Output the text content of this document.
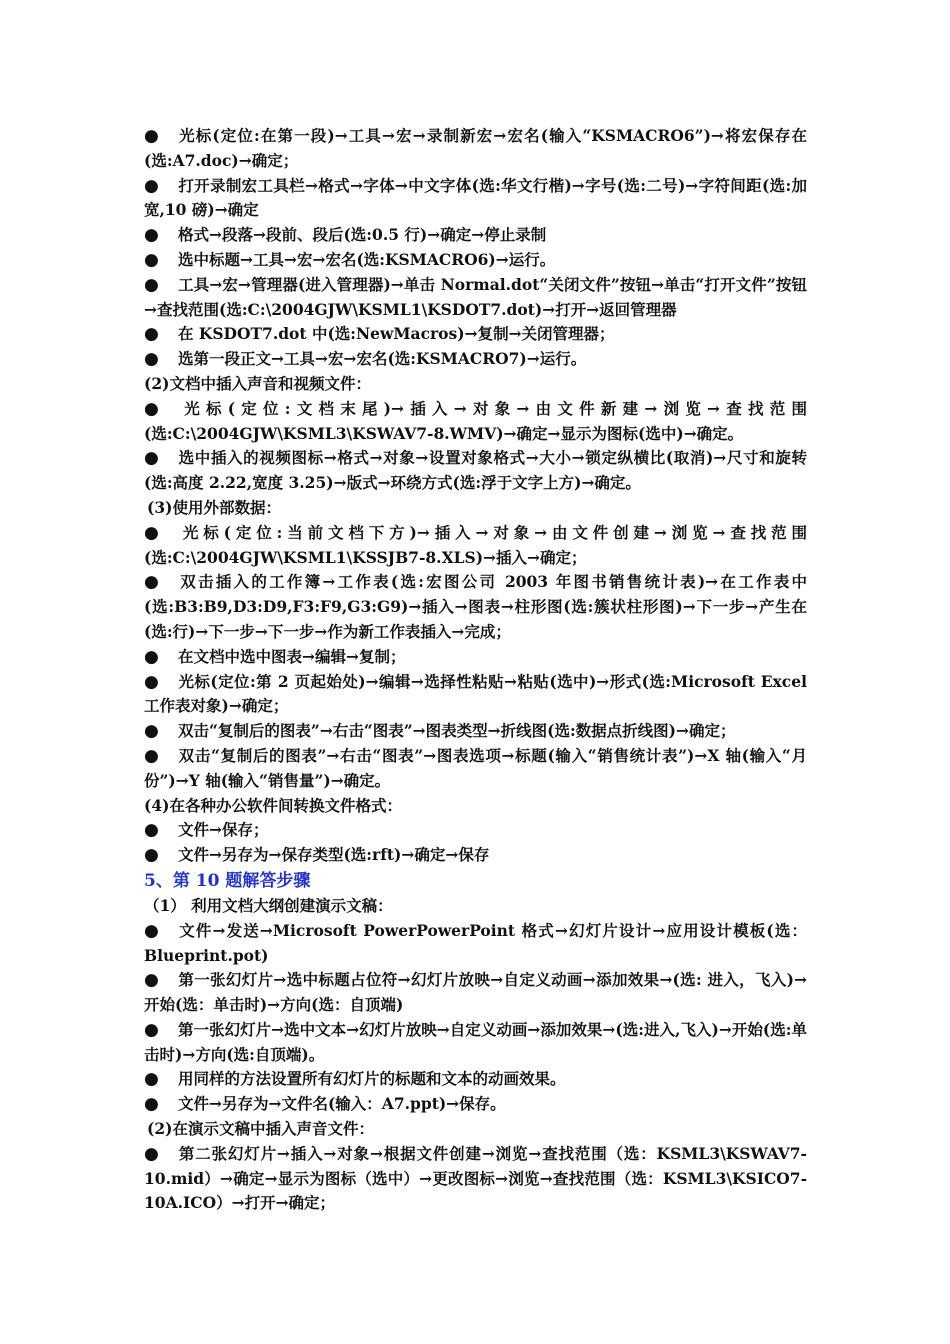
●光标(定位:在第一段)→工具→宏→录制新宏→宏名(输入“KSMACRO6”)→将宏保存在(选:A7.doc)→确定；

●打开录制宏工具栏→格式→字体→中文字体(选:华文行楷)→字号(选:二号)→字符间距(选:加宽,10 磅)→确定

●格式→段落→段前、段后(选:0.5 行)→确定→停止录制

●选中标题→工具→宏→宏名(选:KSMACRO6)→运行。

●工具→宏→管理器(进入管理器)→单击 Normal.dot“关闭文件”按钮→单击“打开文件”按钮→查找范围(选:C:\2004GJW\KSML1\KSDOT7.dot)→打开→返回管理器

●在 KSDOT7.dot 中(选:NewMacros)→复制→关闭管理器；

●选第一段正文→工具→宏→宏名(选:KSMACRO7)→运行。

(2)文档中插入声音和视频文件：

●光标(定位:文档末尾)→插入→对象→由文件新建→浏览→查找范围(选:C:\2004GJW\KSML3\KSWAV7-8.WMV)→确定→显示为图标(选中)→确定。

●选中插入的视频图标→格式→对象→设置对象格式→大小→锁定纵横比(取消)→尺寸和旋转(选:高度 2.22,宽度 3.25)→版式→环绕方式(选:浮于文字上方)→确定。

(3)使用外部数据：

●光标(定位:当前文档下方)→插入→对象→由文件创建→浏览→查找范围(选:C:\2004GJW\KSML1\KSSJB7-8.XLS)→插入→确定；

●双击插入的工作簿→工作表(选:宏图公司 2003 年图书销售统计表)→在工作表中(选:B3:B9,D3:D9,F3:F9,G3:G9)→插入→图表→柱形图(选:簇状柱形图)→下一步→产生在(选:行)→下一步→下一步→作为新工作表插入→完成；

●在文档中选中图表→编辑→复制；

●光标(定位:第 2 页起始处)→编辑→选择性粘贴→粘贴(选中)→形式(选:Microsoft Excel 工作表对象)→确定；

●双击“复制后的图表”→右击“图表”→图表类型→折线图(选:数据点折线图)→确定；

●双击“复制后的图表”→右击“图表”→图表选项→标题(输入“销售统计表”)→X 轴(输入“月份”)→Y 轴(输入“销售量”)→确定。

(4)在各种办公软件间转换文件格式：

●文件→保存；

●文件→另存为→保存类型(选:rft)→确定→保存

5、第 10 题解答步骤

（1） 利用文档大纲创建演示文稿：

●文件→发送→Microsoft PowerPowerPoint 格式→幻灯片设计→应用设计模板(选：Blueprint.pot)

●第一张幻灯片→选中标题占位符→幻灯片放映→自定义动画→添加效果→(选: 进入，飞入)→开始(选：单击时)→方向(选：自顶端)

●第一张幻灯片→选中文本→幻灯片放映→自定义动画→添加效果→(选:进入,飞入)→开始(选:单击时)→方向(选:自顶端)。

●用同样的方法设置所有幻灯片的标题和文本的动画效果。

●文件→另存为→文件名(输入：A7.ppt)→保存。

(2)在演示文稿中插入声音文件：

●第二张幻灯片→插入→对象→根据文件创建→浏览→查找范围（选：KSML3\KSWAV7-10.mid）→确定→显示为图标（选中）→更改图标→浏览→查找范围（选：KSML3\KSICO7-10A.ICO）→打开→确定；
